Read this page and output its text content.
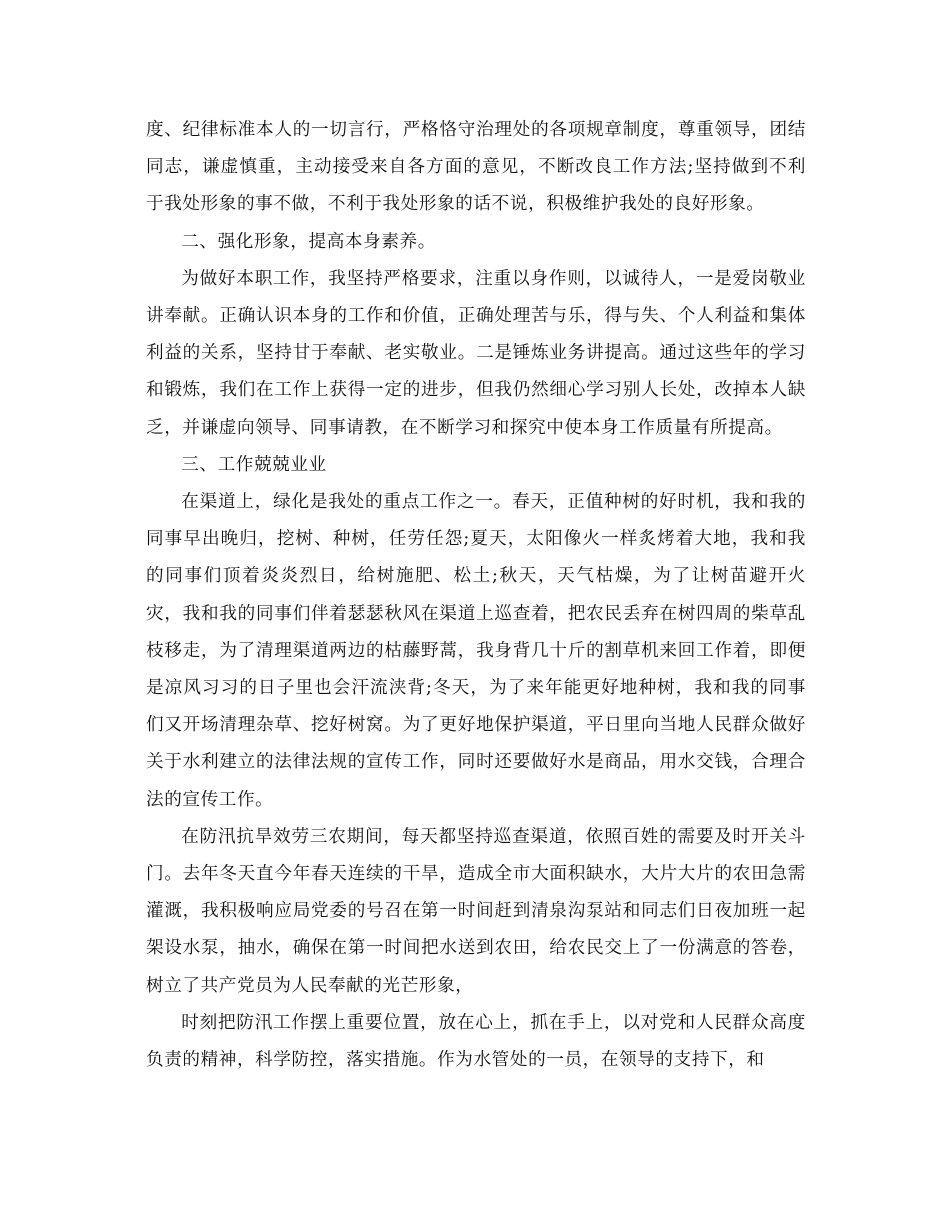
度、纪律标准本人的一切言行，严格恪守治理处的各项规章制度，尊重领导，团结同志，谦虚慎重，主动接受来自各方面的意见，不断改良工作方法;坚持做到不利于我处形象的事不做，不利于我处形象的话不说，积极维护我处的良好形象。

二、强化形象，提高本身素养。

为做好本职工作，我坚持严格要求，注重以身作则，以诚待人，一是爱岗敬业讲奉献。正确认识本身的工作和价值，正确处理苦与乐，得与失、个人利益和集体利益的关系，坚持甘于奉献、老实敬业。二是锤炼业务讲提高。通过这些年的学习和锻炼，我们在工作上获得一定的进步，但我仍然细心学习别人长处，改掉本人缺乏，并谦虚向领导、同事请教，在不断学习和探究中使本身工作质量有所提高。

三、工作兢兢业业

在渠道上，绿化是我处的重点工作之一。春天，正值种树的好时机，我和我的同事早出晚归，挖树、种树，任劳任怨;夏天，太阳像火一样炙烤着大地，我和我的同事们顶着炎炎烈日，给树施肥、松土;秋天，天气枯燥，为了让树苗避开火灾，我和我的同事们伴着瑟瑟秋风在渠道上巡查着，把农民丢弃在树四周的柴草乱枝移走，为了清理渠道两边的枯藤野蒿，我身背几十斤的割草机来回工作着，即便是凉风习习的日子里也会汗流浃背;冬天，为了来年能更好地种树，我和我的同事们又开场清理杂草、挖好树窝。为了更好地保护渠道，平日里向当地人民群众做好关于水利建立的法律法规的宣传工作，同时还要做好水是商品，用水交钱，合理合法的宣传工作。

在防汛抗旱效劳三农期间，每天都坚持巡查渠道，依照百姓的需要及时开关斗门。去年冬天直今年春天连续的干旱，造成全市大面积缺水，大片大片的农田急需灌溉，我积极响应局党委的号召在第一时间赶到清泉沟泵站和同志们日夜加班一起架设水泵，抽水，确保在第一时间把水送到农田，给农民交上了一份满意的答卷，树立了共产党员为人民奉献的光芒形象，

时刻把防汛工作摆上重要位置，放在心上，抓在手上，以对党和人民群众高度负责的精神，科学防控，落实措施。作为水管处的一员，在领导的支持下，和
